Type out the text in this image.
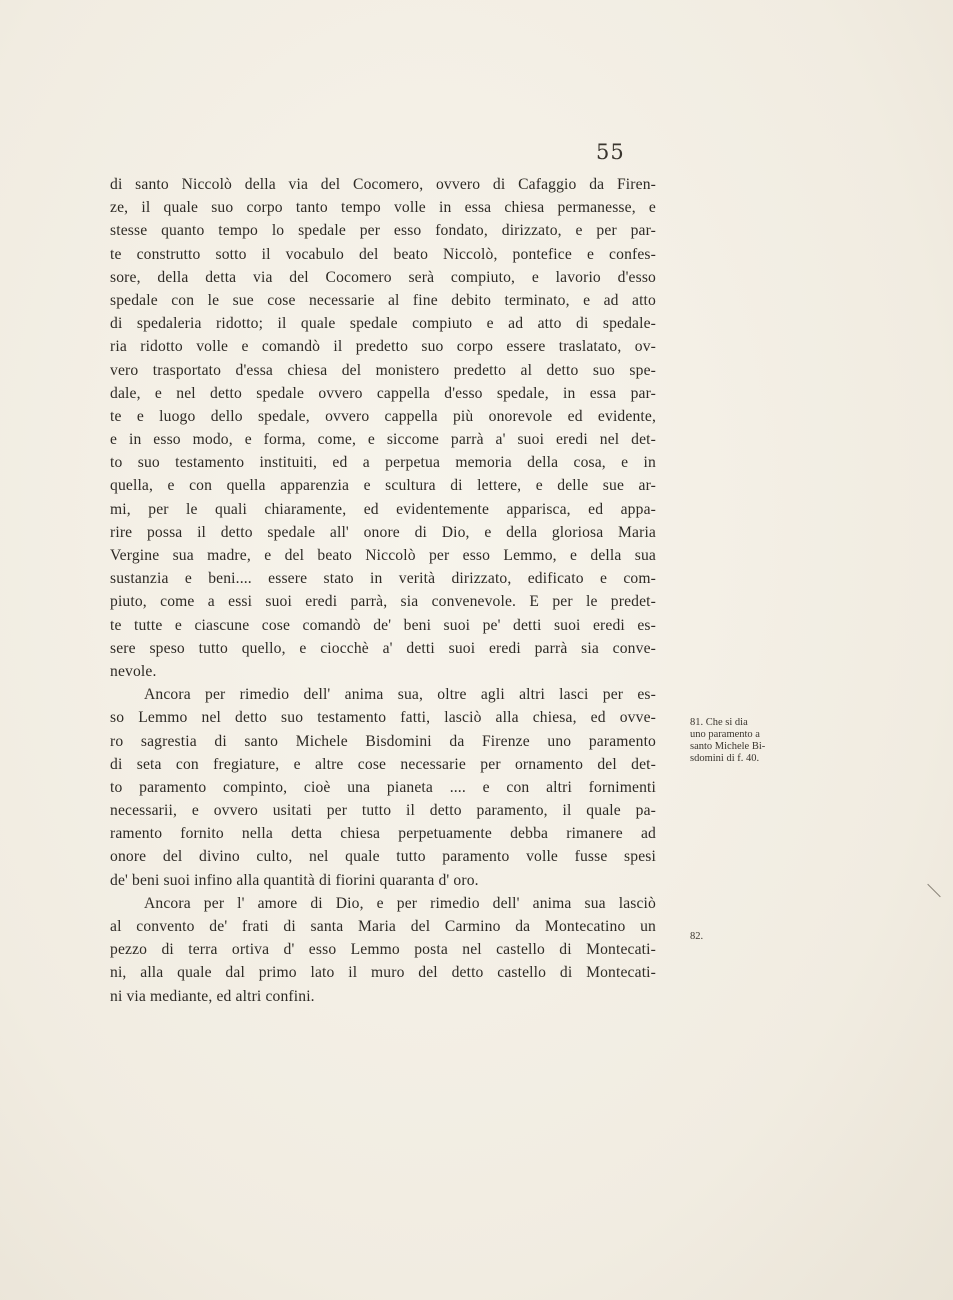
55
di santo Niccolò della via del Cocomero, ovvero di Cafaggio da Firen-
ze, il quale suo corpo tanto tempo volle in essa chiesa permanesse, e
stesse quanto tempo lo spedale per esso fondato, dirizzato, e per par-
te construtto sotto il vocabulo del beato Niccolò, pontefice e confes-
sore, della detta via del Cocomero serà compiuto, e lavorio d'esso
spedale con le sue cose necessarie al fine debito terminato, e ad atto
di spedaleria ridotto; il quale spedale compiuto e ad atto di spedale-
ria ridotto volle e comandò il predetto suo corpo essere traslatato, ov-
vero trasportato d'essa chiesa del monistero predetto al detto suo spe-
dale, e nel detto spedale ovvero cappella d'esso spedale, in essa par-
te e luogo dello spedale, ovvero cappella più onorevole ed evidente,
e in esso modo, e forma, come, e siccome parrà a' suoi eredi nel det-
to suo testamento instituiti, ed a perpetua memoria della cosa, e in
quella, e con quella apparenzia e scultura di lettere, e delle sue ar-
mi, per le quali chiaramente, ed evidentemente apparisca, ed appa-
rire possa il detto spedale all' onore di Dio, e della gloriosa Maria
Vergine sua madre, e del beato Niccolò per esso Lemmo, e della sua
sustanzia e beni.... essere stato in verità dirizzato, edificato e com-
piuto, come a essi suoi eredi parrà, sia convenevole. E per le predet-
te tutte e ciascune cose comandò de' beni suoi pe' detti suoi eredi es-
sere speso tutto quello, e ciocchè a' detti suoi eredi parrà sia conve-
nevole.
Ancora per rimedio dell' anima sua, oltre agli altri lasci per es-
so Lemmo nel detto suo testamento fatti, lasciò alla chiesa, ed ovve-
ro sagrestia di santo Michele Bisdomini da Firenze uno paramento
di seta con fregiature, e altre cose necessarie per ornamento del det-
to paramento compinto, cioè una pianeta .... e con altri fornimenti
necessarii, e ovvero usitati per tutto il detto paramento, il quale pa-
ramento fornito nella detta chiesa perpetuamente debba rimanere ad
onore del divino culto, nel quale tutto paramento volle fusse spesi
de' beni suoi infino alla quantità di fiorini quaranta d' oro.
Ancora per l' amore di Dio, e per rimedio dell' anima sua lasciò
al convento de' frati di santa Maria del Carmino da Montecatino un
pezzo di terra ortiva d' esso Lemmo posta nel castello di Montecati-
ni, alla quale dal primo lato il muro del detto castello di Montecati-
ni via mediante, ed altri confini.
81. Che si dia
uno paramento a
santo Michele Bi-
sdomini di f. 40.
82.
